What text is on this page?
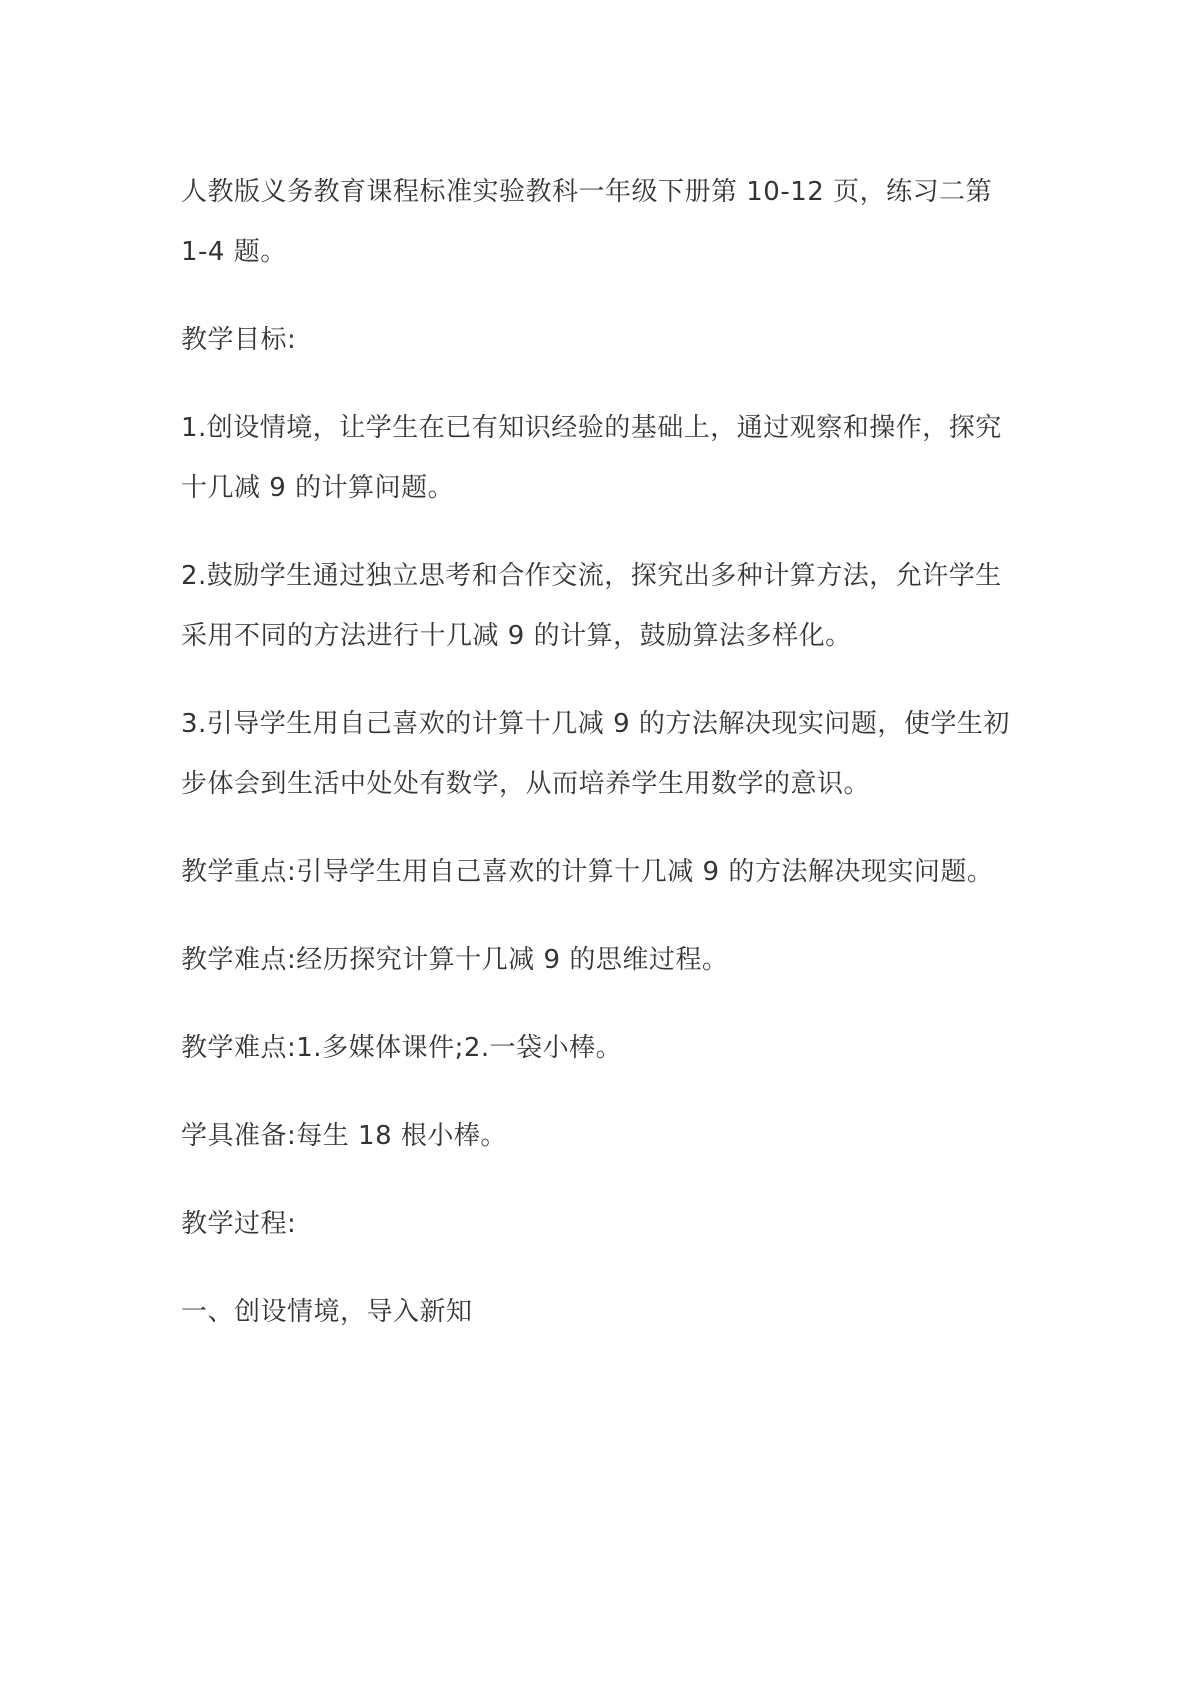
人教版义务教育课程标准实验教科一年级下册第 10-12 页，练习二第 1-4 题。

教学目标:

1.创设情境，让学生在已有知识经验的基础上，通过观察和操作，探究十几减 9 的计算问题。

2.鼓励学生通过独立思考和合作交流，探究出多种计算方法，允许学生采用不同的方法进行十几减 9 的计算，鼓励算法多样化。

3.引导学生用自己喜欢的计算十几减 9 的方法解决现实问题，使学生初步体会到生活中处处有数学，从而培养学生用数学的意识。

教学重点:引导学生用自己喜欢的计算十几减 9 的方法解决现实问题。

教学难点:经历探究计算十几减 9 的思维过程。

教学难点:1.多媒体课件;2.一袋小棒。

学具准备:每生 18 根小棒。

教学过程:

一、创设情境，导入新知
